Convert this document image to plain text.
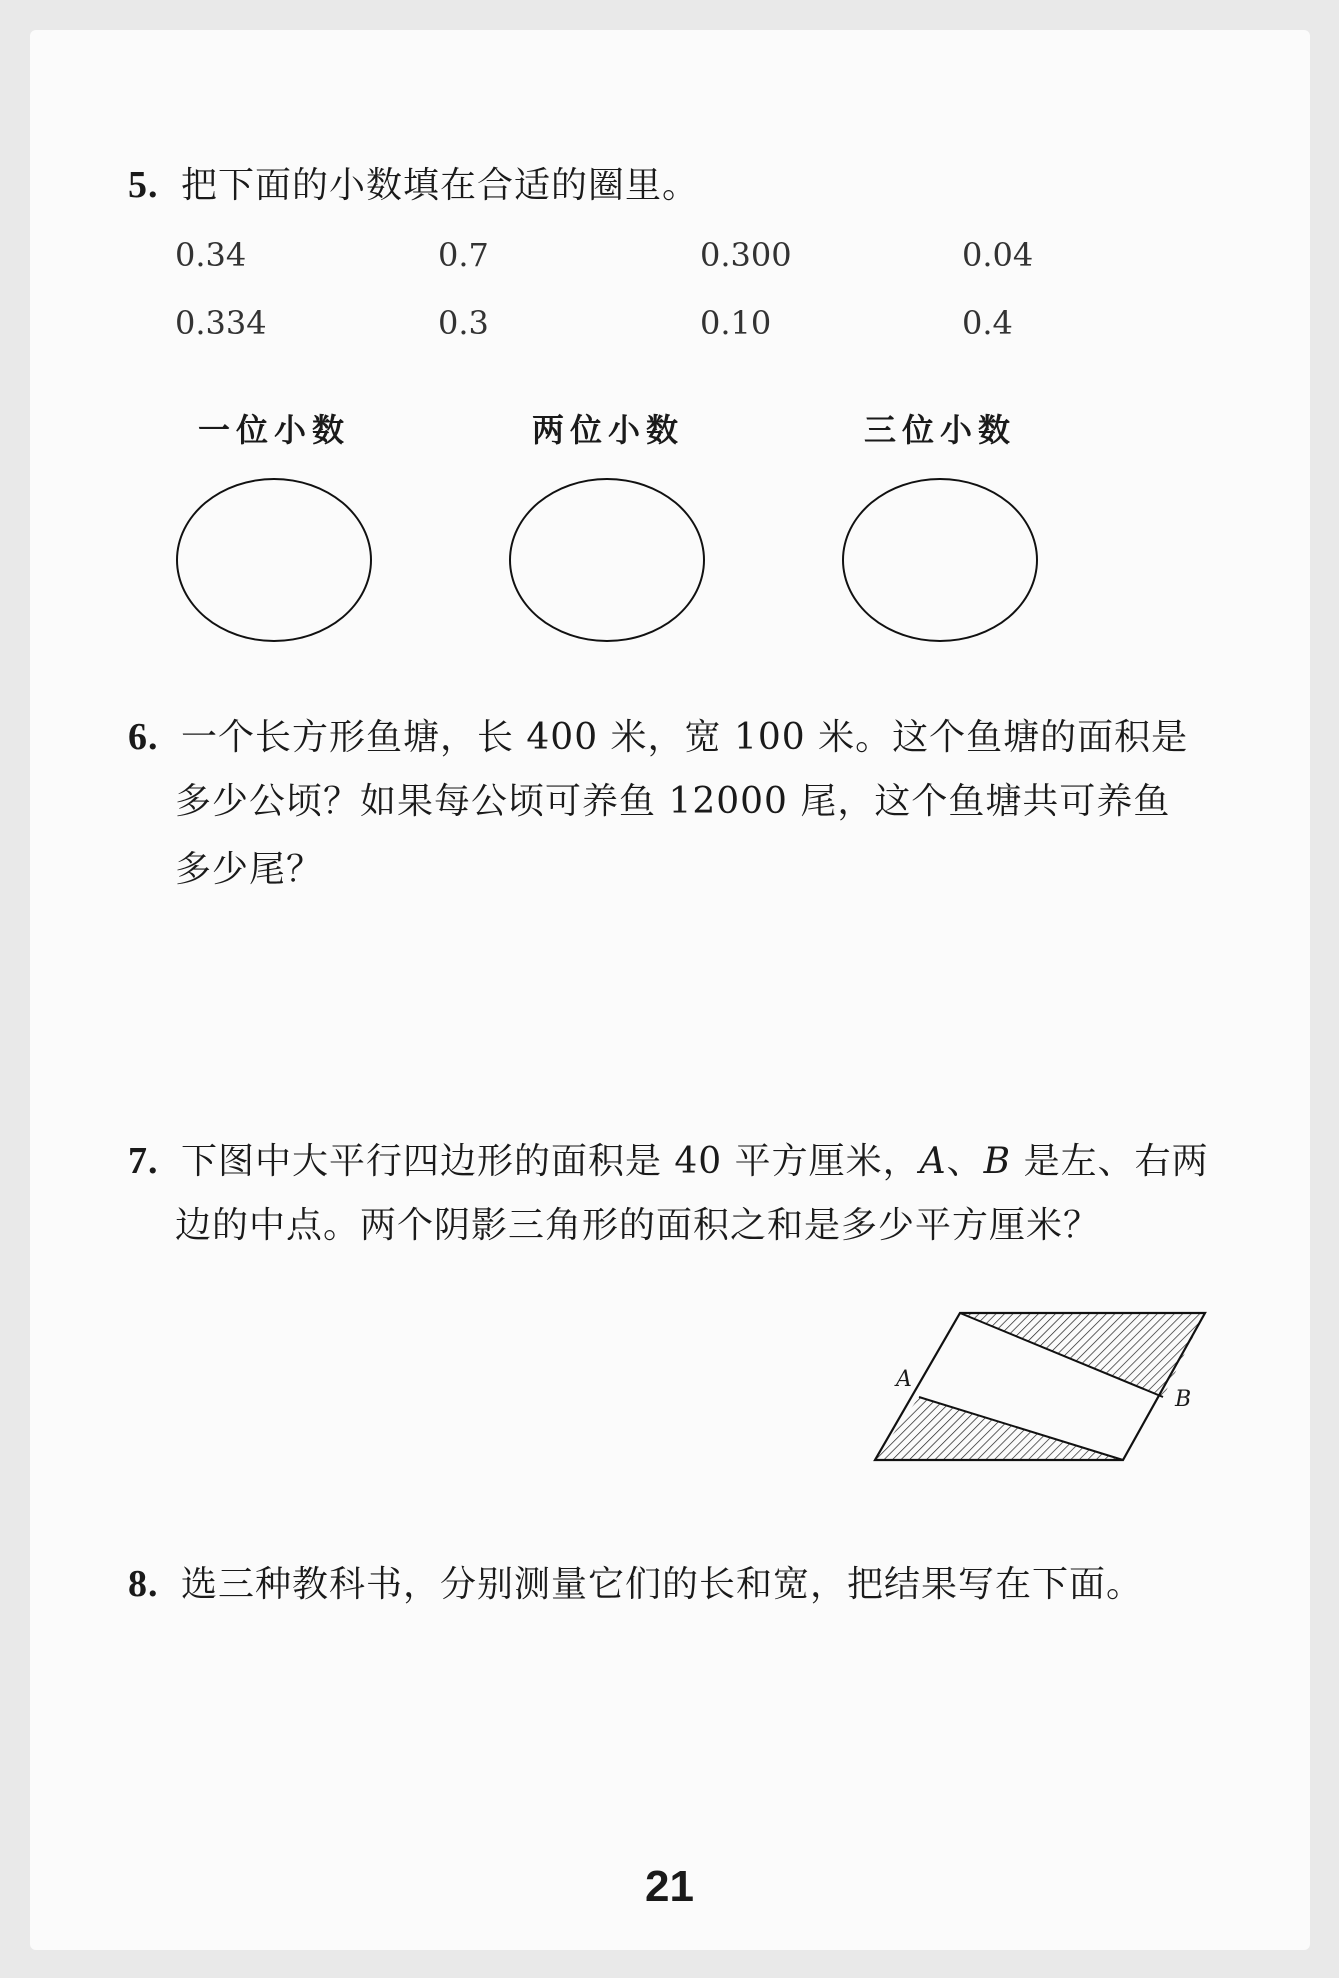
5. 把下面的小数填在合适的圈里。
0.34	0.7	0.300	0.04
0.334	0.3	0.10	0.4
一位小数	两位小数	三位小数
6. 一个长方形鱼塘，长 400 米，宽 100 米。这个鱼塘的面积是
多少公顷？如果每公顷可养鱼 12000 尾，这个鱼塘共可养鱼
多少尾？
7. 下图中大平行四边形的面积是 40 平方厘米，A、B 是左、右两
边的中点。两个阴影三角形的面积之和是多少平方厘米？
A
B
8. 选三种教科书，分别测量它们的长和宽，把结果写在下面。
21
